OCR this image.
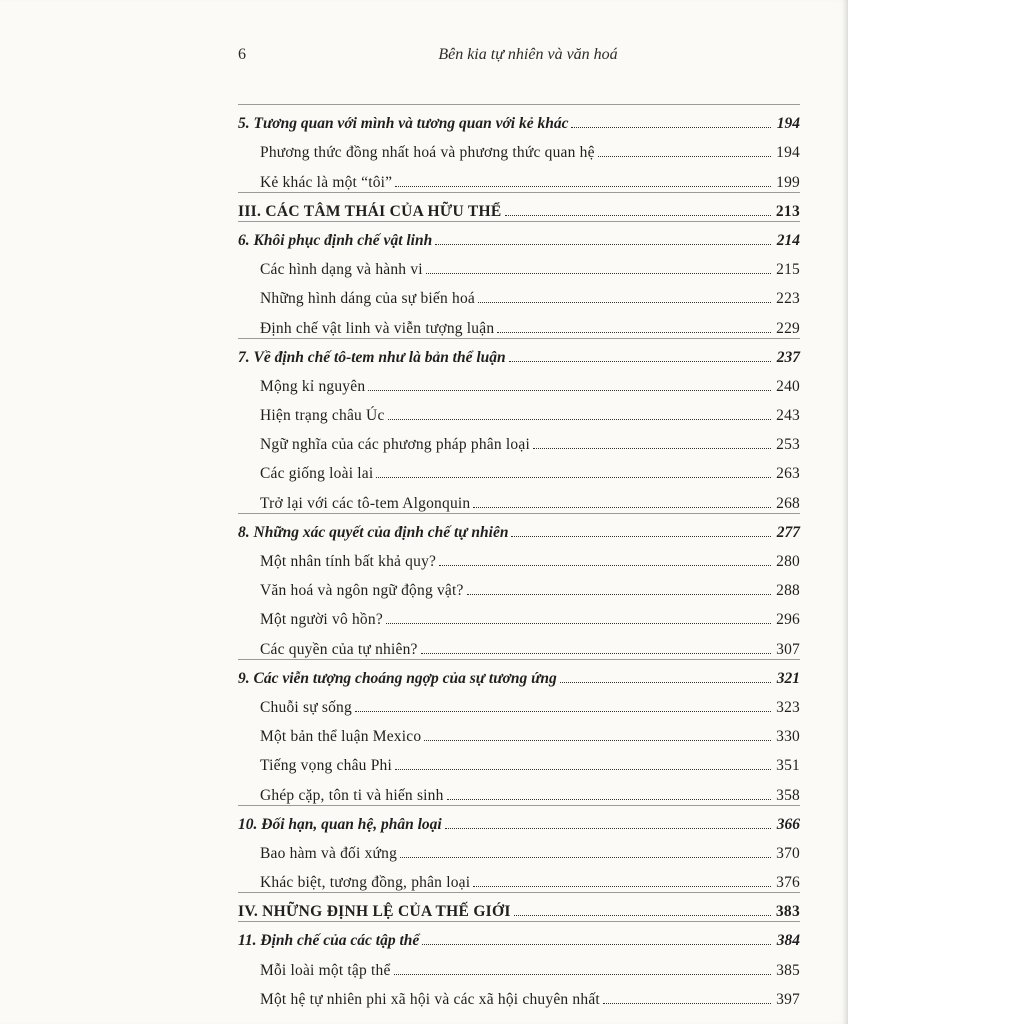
6	Bên kia tự nhiên và văn hoá
5. Tương quan với mình và tương quan với kẻ khác	194
Phương thức đồng nhất hoá và phương thức quan hệ	194
Kẻ khác là một “tôi”	199
III. CÁC TÂM THÁI CỦA HỮU THỂ	213
6. Khôi phục định chế vật linh	214
Các hình dạng và hành vi	215
Những hình dáng của sự biến hoá	223
Định chế vật linh và viễn tượng luận	229
7. Về định chế tô-tem như là bản thể luận	237
Mộng kỉ nguyên	240
Hiện trạng châu Úc	243
Ngữ nghĩa của các phương pháp phân loại	253
Các giống loài lai	263
Trở lại với các tô-tem Algonquin	268
8. Những xác quyết của định chế tự nhiên	277
Một nhân tính bất khả quy?	280
Văn hoá và ngôn ngữ động vật?	288
Một người vô hồn?	296
Các quyền của tự nhiên?	307
9. Các viễn tượng choáng ngợp của sự tương ứng	321
Chuỗi sự sống	323
Một bản thể luận Mexico	330
Tiếng vọng châu Phi	351
Ghép cặp, tôn ti và hiến sinh	358
10. Đối hạn, quan hệ, phân loại	366
Bao hàm và đối xứng	370
Khác biệt, tương đồng, phân loại	376
IV. NHỮNG ĐỊNH LỆ CỦA THẾ GIỚI	383
11. Định chế của các tập thể	384
Mỗi loài một tập thể	385
Một hệ tự nhiên phi xã hội và các xã hội chuyên nhất	397
